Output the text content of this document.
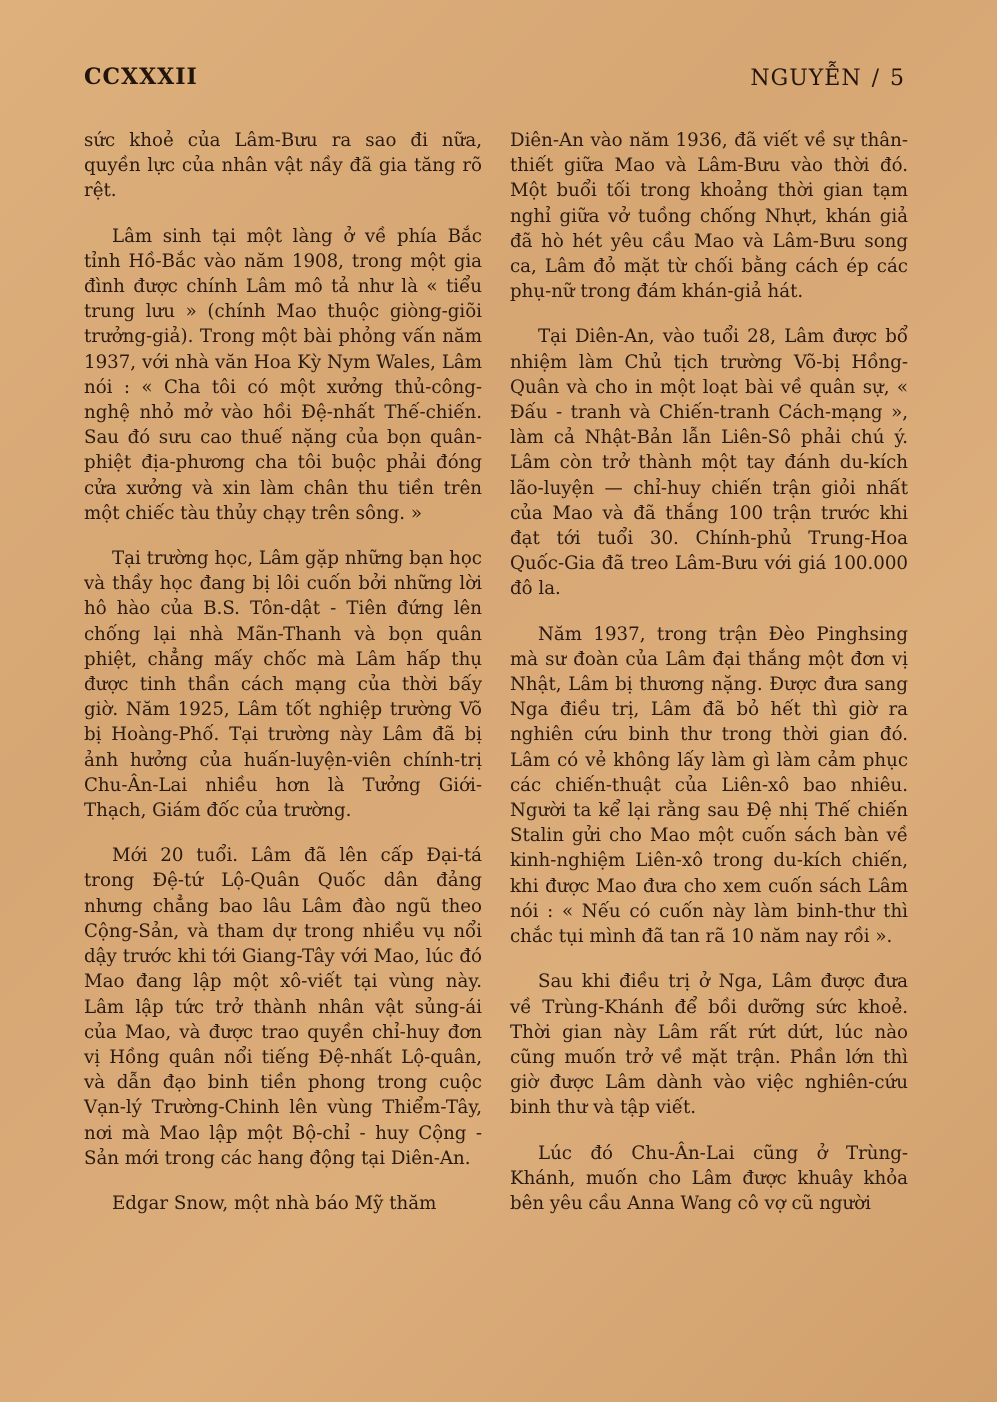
CCXXXII	NGUYỄN / 5

sức khoẻ của Lâm-Bưu ra sao đi nữa, quyền lực của nhân vật nầy đã gia tăng rõ rệt.

Lâm sinh tại một làng ở về phía Bắc tỉnh Hồ-Bắc vào năm 1908, trong một gia đình được chính Lâm mô tả như là « tiểu trung lưu » (chính Mao thuộc giòng-giõi trưởng-giả). Trong một bài phỏng vấn năm 1937, với nhà văn Hoa Kỳ Nym Wales, Lâm nói : « Cha tôi có một xưởng thủ-công-nghệ nhỏ mở vào hồi Đệ-nhất Thế-chiến. Sau đó sưu cao thuế nặng của bọn quân-phiệt địa-phương cha tôi buộc phải đóng cửa xưởng và xin làm chân thu tiền trên một chiếc tàu thủy chạy trên sông. »

Tại trường học, Lâm gặp những bạn học và thầy học đang bị lôi cuốn bởi những lời hô hào của B.S. Tôn-dật - Tiên đứng lên chống lại nhà Mãn-Thanh và bọn quân phiệt, chẳng mấy chốc mà Lâm hấp thụ được tinh thần cách mạng của thời bấy giờ. Năm 1925, Lâm tốt nghiệp trường Võ bị Hoàng-Phố. Tại trường này Lâm đã bị ảnh hưởng của huấn-luyện-viên chính-trị Chu-Ân-Lai nhiều hơn là Tưởng Giới-Thạch, Giám đốc của trường.

Mới 20 tuổi. Lâm đã lên cấp Đại-tá trong Đệ-tứ Lộ-Quân Quốc dân đảng nhưng chẳng bao lâu Lâm đào ngũ theo Cộng-Sản, và tham dự trong nhiều vụ nổi dậy trước khi tới Giang-Tây với Mao, lúc đó Mao đang lập một xô-viết tại vùng này. Lâm lập tức trở thành nhân vật sủng-ái của Mao, và được trao quyền chỉ-huy đơn vị Hồng quân nổi tiếng Đệ-nhất Lộ-quân, và dẫn đạo binh tiền phong trong cuộc Vạn-lý Trường-Chinh lên vùng Thiểm-Tây, nơi mà Mao lập một Bộ-chỉ - huy Cộng - Sản mới trong các hang động tại Diên-An.

Edgar Snow, một nhà báo Mỹ thăm

Diên-An vào năm 1936, đã viết về sự thân-thiết giữa Mao và Lâm-Bưu vào thời đó. Một buổi tối trong khoảng thời gian tạm nghỉ giữa vở tuồng chống Nhựt, khán giả đã hò hét yêu cầu Mao và Lâm-Bưu song ca, Lâm đỏ mặt từ chối bằng cách ép các phụ-nữ trong đám khán-giả hát.

Tại Diên-An, vào tuổi 28, Lâm được bổ nhiệm làm Chủ tịch trường Võ-bị Hồng-Quân và cho in một loạt bài về quân sự, « Đấu - tranh và Chiến-tranh Cách-mạng », làm cả Nhật-Bản lẫn Liên-Sô phải chú ý. Lâm còn trở thành một tay đánh du-kích lão-luyện — chỉ-huy chiến trận giỏi nhất của Mao và đã thắng 100 trận trước khi đạt tới tuổi 30. Chính-phủ Trung-Hoa Quốc-Gia đã treo Lâm-Bưu với giá 100.000 đô la.

Năm 1937, trong trận Đèo Pinghsing mà sư đoàn của Lâm đại thắng một đơn vị Nhật, Lâm bị thương nặng. Được đưa sang Nga điều trị, Lâm đã bỏ hết thì giờ ra nghiên cứu binh thư trong thời gian đó. Lâm có vẻ không lấy làm gì làm cảm phục các chiến-thuật của Liên-xô bao nhiêu. Người ta kể lại rằng sau Đệ nhị Thế chiến Stalin gửi cho Mao một cuốn sách bàn về kinh-nghiệm Liên-xô trong du-kích chiến, khi được Mao đưa cho xem cuốn sách Lâm nói : « Nếu có cuốn này làm binh-thư thì chắc tụi mình đã tan rã 10 năm nay rồi ».

Sau khi điều trị ở Nga, Lâm được đưa về Trùng-Khánh để bồi dưỡng sức khoẻ. Thời gian này Lâm rất rứt dứt, lúc nào cũng muốn trở về mặt trận. Phần lớn thì giờ được Lâm dành vào việc nghiên-cứu binh thư và tập viết.

Lúc đó Chu-Ân-Lai cũng ở Trùng-Khánh, muốn cho Lâm được khuây khỏa bên yêu cầu Anna Wang cô vợ cũ người
